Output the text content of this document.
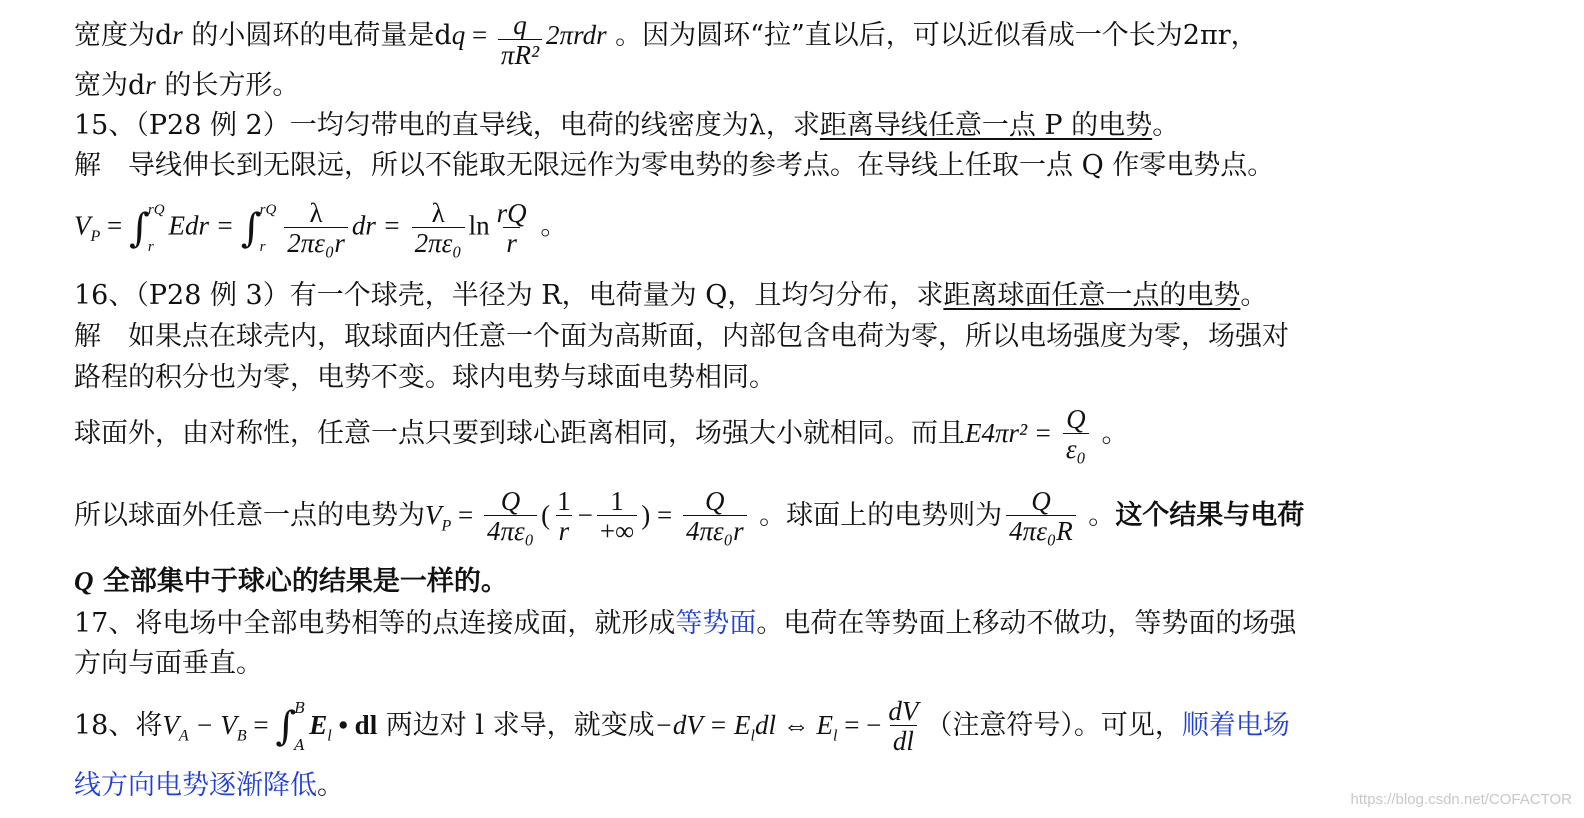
宽度为dr 的小圆环的电荷量是dq = $\frac{q}{\text{πR²}} 2\pi rdr$ 。因为圆环“拉”直以后，可以近似看成一个长为2πr，
宽为dr 的长方形。
15、（P28 例 2）一均匀带电的直导线，电荷的线密度为λ，求距离导线任意一点 P 的电势。
解　导线伸长到无限远，所以不能取无限远作为零电势的参考点。在导线上任取一点 Q 作零电势点。
$V_P$ = ∫
rQ
r
Edr = ∫
rQ
r $\frac{\lambda}{\text{2πε₀r}}$ dr = $\frac{\lambda}{\text{2πε₀}}$ $\ln \frac{rQ}{r}$ 。
16、（P28 例 3）有一个球壳，半径为 R，电荷量为 Q，且均匀分布，求距离球面任意一点的电势。
解　如果点在球壳内，取球面内任意一个面为高斯面，内部包含电荷为零，所以电场强度为零，场强对
路程的积分也为零，电势不变。球内电势与球面电势相同。
球面外，由对称性，任意一点只要到球心距离相同，场强大小就相同。而且$E4\pi r^2 = \frac{Q}{\text{ε₀}}$ 。
所以球面外任意一点的电势为$V_P = \frac{Q}{\text{4πε₀}}$ ( $\frac{1}{r} - \frac{1}{+\infty}$ ) = $\frac{Q}{\text{4πε₀r}}$ 。球面上的电势则为 $\frac{Q}{\text{4πε₀R}}$ 。这个结果与电荷
Q 全部集中于球心的结果是一样的。
17、将电场中全部电势相等的点连接成面，就形成等势面。电荷在等势面上移动不做功，等势面的场强
方向与面垂直。
18、将$V_A - V_B$ = ∫
B
A
$E_l$ • dl 两边对 l 求导，就变成$-dV = E_ldl$ ⇔ $E_l$ = − $\frac{dV}{dl}$ （注意符号）。可见，顺着电场
线方向电势逐渐降低。	https://blog.csdn.net/COFACTOR
